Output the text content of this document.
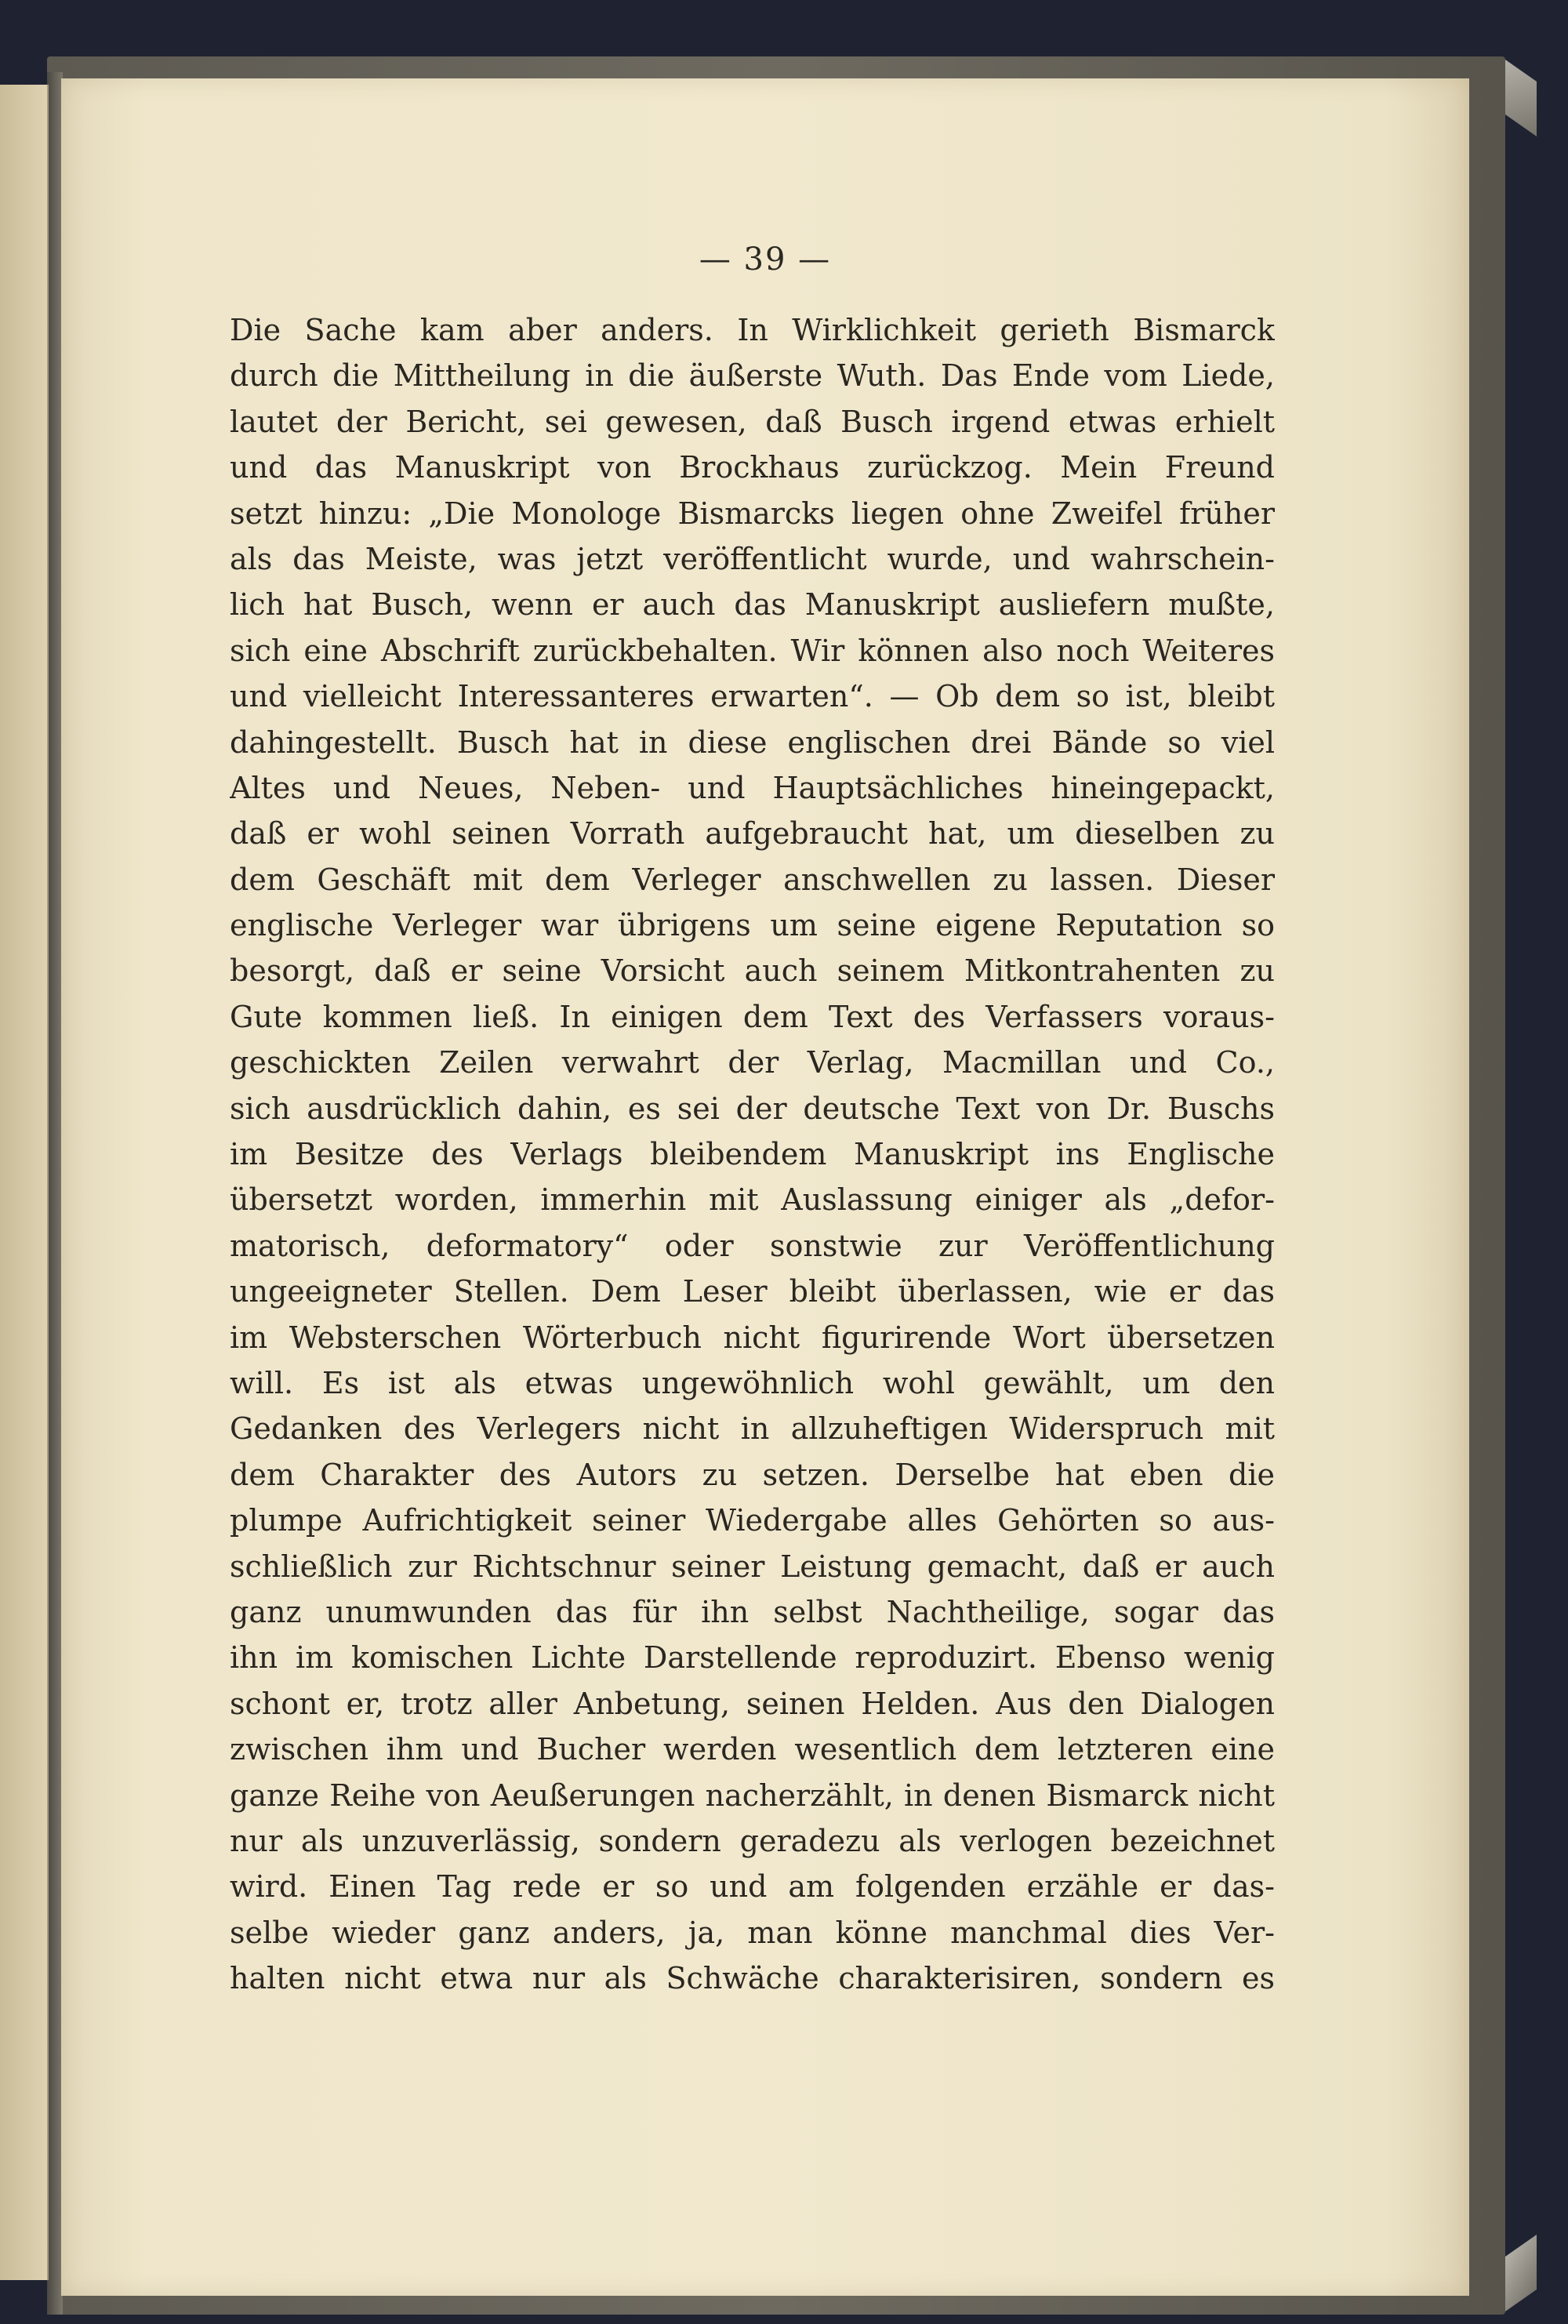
— 39 —
Die Sache kam aber anders. In Wirklichkeit gerieth Bismarck
durch die Mittheilung in die äußerste Wuth. Das Ende vom Liede,
lautet der Bericht, sei gewesen, daß Busch irgend etwas erhielt
und das Manuskript von Brockhaus zurückzog. Mein Freund
setzt hinzu: „Die Monologe Bismarcks liegen ohne Zweifel früher
als das Meiste, was jetzt veröffentlicht wurde, und wahrschein-
lich hat Busch, wenn er auch das Manuskript ausliefern mußte,
sich eine Abschrift zurückbehalten. Wir können also noch Weiteres
und vielleicht Interessanteres erwarten“. — Ob dem so ist, bleibt
dahingestellt. Busch hat in diese englischen drei Bände so viel
Altes und Neues, Neben- und Hauptsächliches hineingepackt,
daß er wohl seinen Vorrath aufgebraucht hat, um dieselben zu
dem Geschäft mit dem Verleger anschwellen zu lassen. Dieser
englische Verleger war übrigens um seine eigene Reputation so
besorgt, daß er seine Vorsicht auch seinem Mitkontrahenten zu
Gute kommen ließ. In einigen dem Text des Verfassers voraus-
geschickten Zeilen verwahrt der Verlag, Macmillan und Co.,
sich ausdrücklich dahin, es sei der deutsche Text von Dr. Buschs
im Besitze des Verlags bleibendem Manuskript ins Englische
übersetzt worden, immerhin mit Auslassung einiger als „defor-
matorisch, deformatory“ oder sonstwie zur Veröffentlichung
ungeeigneter Stellen. Dem Leser bleibt überlassen, wie er das
im Websterschen Wörterbuch nicht figurirende Wort übersetzen
will. Es ist als etwas ungewöhnlich wohl gewählt, um den
Gedanken des Verlegers nicht in allzuheftigen Widerspruch mit
dem Charakter des Autors zu setzen. Derselbe hat eben die
plumpe Aufrichtigkeit seiner Wiedergabe alles Gehörten so aus-
schließlich zur Richtschnur seiner Leistung gemacht, daß er auch
ganz unumwunden das für ihn selbst Nachtheilige, sogar das
ihn im komischen Lichte Darstellende reproduzirt. Ebenso wenig
schont er, trotz aller Anbetung, seinen Helden. Aus den Dialogen
zwischen ihm und Bucher werden wesentlich dem letzteren eine
ganze Reihe von Aeußerungen nacherzählt, in denen Bismarck nicht
nur als unzuverlässig, sondern geradezu als verlogen bezeichnet
wird. Einen Tag rede er so und am folgenden erzähle er das-
selbe wieder ganz anders, ja, man könne manchmal dies Ver-
halten nicht etwa nur als Schwäche charakterisiren, sondern es
